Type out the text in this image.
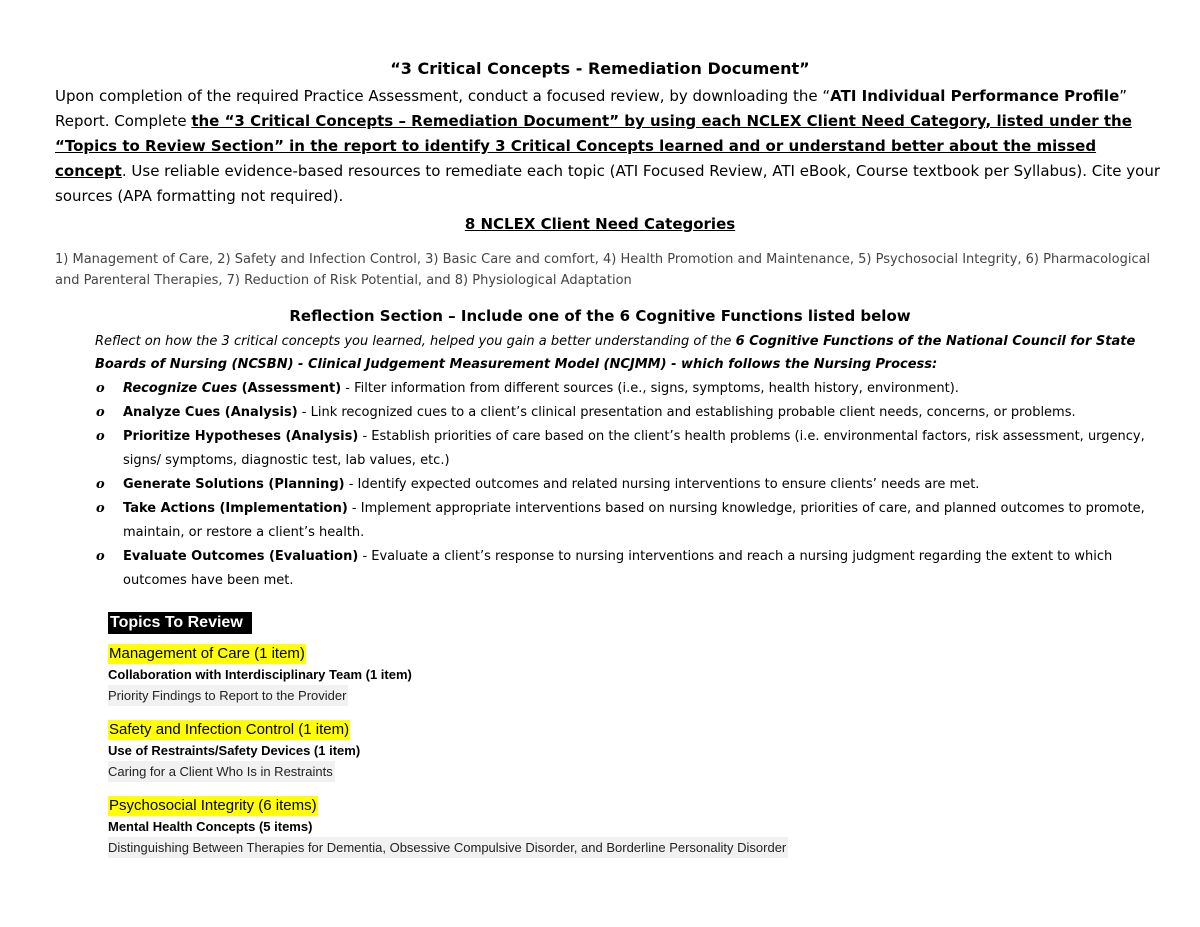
“3 Critical Concepts - Remediation Document”
Upon completion of the required Practice Assessment, conduct a focused review, by downloading the “ATI Individual Performance Profile” Report. Complete the “3 Critical Concepts – Remediation Document” by using each NCLEX Client Need Category, listed under the “Topics to Review Section” in the report to identify 3 Critical Concepts learned and or understand better about the missed concept. Use reliable evidence-based resources to remediate each topic (ATI Focused Review, ATI eBook, Course textbook per Syllabus). Cite your sources (APA formatting not required).
8 NCLEX Client Need Categories
1) Management of Care, 2) Safety and Infection Control, 3) Basic Care and comfort, 4) Health Promotion and Maintenance, 5) Psychosocial Integrity, 6) Pharmacological and Parenteral Therapies, 7) Reduction of Risk Potential, and 8) Physiological Adaptation
Reflection Section – Include one of the 6 Cognitive Functions listed below
Reflect on how the 3 critical concepts you learned, helped you gain a better understanding of the 6 Cognitive Functions of the National Council for State Boards of Nursing (NCSBN) - Clinical Judgement Measurement Model (NCJMM) - which follows the Nursing Process:
o Recognize Cues (Assessment) - Filter information from different sources (i.e., signs, symptoms, health history, environment).
o Analyze Cues (Analysis) - Link recognized cues to a client’s clinical presentation and establishing probable client needs, concerns, or problems.
o Prioritize Hypotheses (Analysis) - Establish priorities of care based on the client’s health problems (i.e. environmental factors, risk assessment, urgency, signs/ symptoms, diagnostic test, lab values, etc.)
o Generate Solutions (Planning) - Identify expected outcomes and related nursing interventions to ensure clients’ needs are met.
o Take Actions (Implementation) - Implement appropriate interventions based on nursing knowledge, priorities of care, and planned outcomes to promote, maintain, or restore a client’s health.
o Evaluate Outcomes (Evaluation) - Evaluate a client’s response to nursing interventions and reach a nursing judgment regarding the extent to which outcomes have been met.
Topics To Review
Management of Care (1 item)
Collaboration with Interdisciplinary Team (1 item)
Priority Findings to Report to the Provider
Safety and Infection Control (1 item)
Use of Restraints/Safety Devices (1 item)
Caring for a Client Who Is in Restraints
Psychosocial Integrity (6 items)
Mental Health Concepts (5 items)
Distinguishing Between Therapies for Dementia, Obsessive Compulsive Disorder, and Borderline Personality Disorder
